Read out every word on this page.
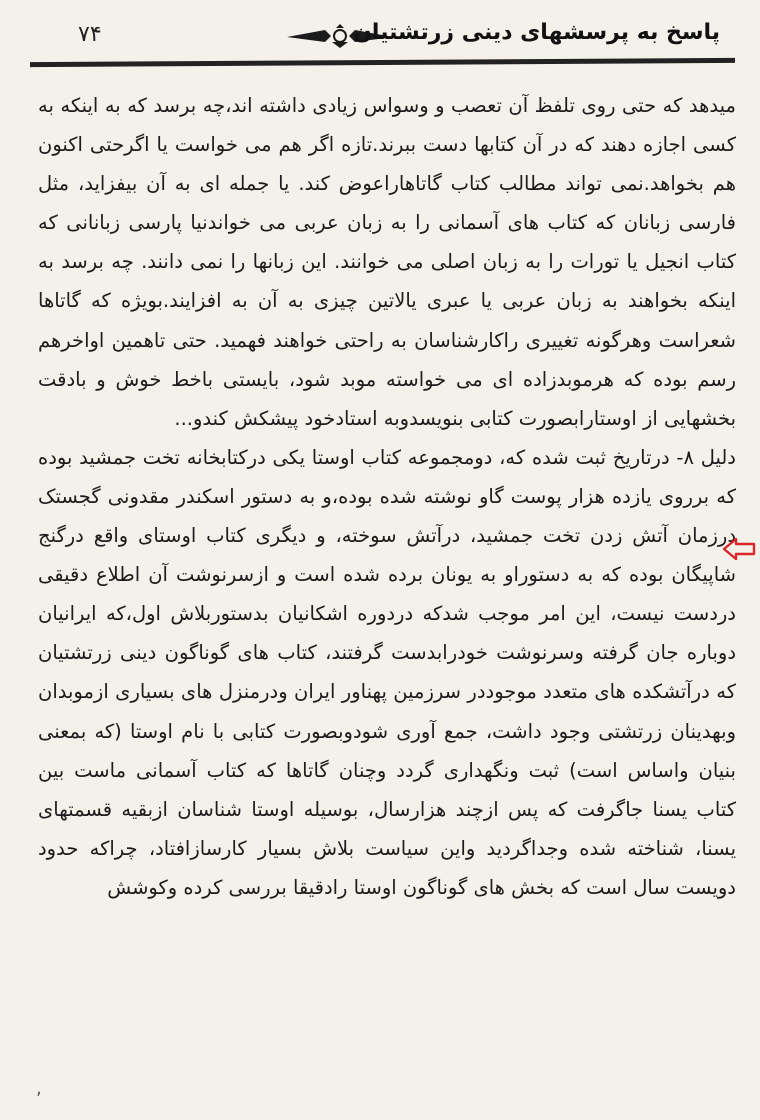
۷۴	پاسخ به پرسشهای دینی زرتشتیان

میدهد که حتی روی تلفظ آن تعصب و وسواس زیادی داشته اند،چه برسد که به اینکه به کسی اجازه دهند که در آن کتابها دست ببرند.تازه اگر هم می خواست یا اگرحتی اکنون هم بخواهد.نمی تواند مطالب کتاب گاتاهاراعوض کند. یا جمله ای به آن بیفزاید، مثل فارسی زبانان که کتاب های آسمانی را به زبان عربی می خواندنیا پارسی زبانانی که کتاب انجیل یا تورات را به زبان اصلی می خوانند. این زبانها را نمی دانند. چه برسد به اینکه بخواهند به زبان عربی یا عبری یالاتین چیزی به آن به افزایند.بویژه که گاتاها شعراست وهرگونه تغییری راکارشناسان به راحتی خواهند فهمید. حتی تاهمین اواخرهم رسم بوده که هرموبدزاده ای می خواسته موبد شود، بایستی باخط خوش و بادقت بخشهایی از اوستارابصورت کتابی بنویسدوبه استادخود پیشکش کندو...

دلیل ۸- درتاریخ ثبت شده که، دومجموعه کتاب اوستا یکی درکتابخانه تخت جمشید بوده که برروی یازده هزار پوست گاو نوشته شده بوده،و به دستور اسکندر مقدونی گجستک درزمان آتش زدن تخت جمشید، درآتش سوخته، و دیگری کتاب اوستای واقع درگنج شاپیگان بوده که به دستوراو به یونان برده شده است و ازسرنوشت آن اطلاع دقیقی دردست نیست، این امر موجب شدکه دردوره اشکانیان بدستوربلاش اول،که ایرانیان دوباره جان گرفته وسرنوشت خودرابدست گرفتند، کتاب های گوناگون دینی زرتشتیان که درآتشکده های متعدد موجوددر سرزمین پهناور ایران ودرمنزل های بسیاری ازموبدان وبهدینان زرتشتی وجود داشت، جمع آوری شودوبصورت کتابی با نام اوستا (که بمعنی بنیان واساس است) ثبت ونگهداری گردد وچنان گاتاها که کتاب آسمانی ماست بین کتاب یسنا جاگرفت که پس ازچند هزارسال، بوسیله اوستا شناسان ازبقیه قسمتهای یسنا، شناخته شده وجداگردید واین سیاست بلاش بسیار کارسازافتاد، چراکه حدود دویست سال است که بخش های گوناگون اوستا رادقیقا بررسی کرده وکوشش

,
